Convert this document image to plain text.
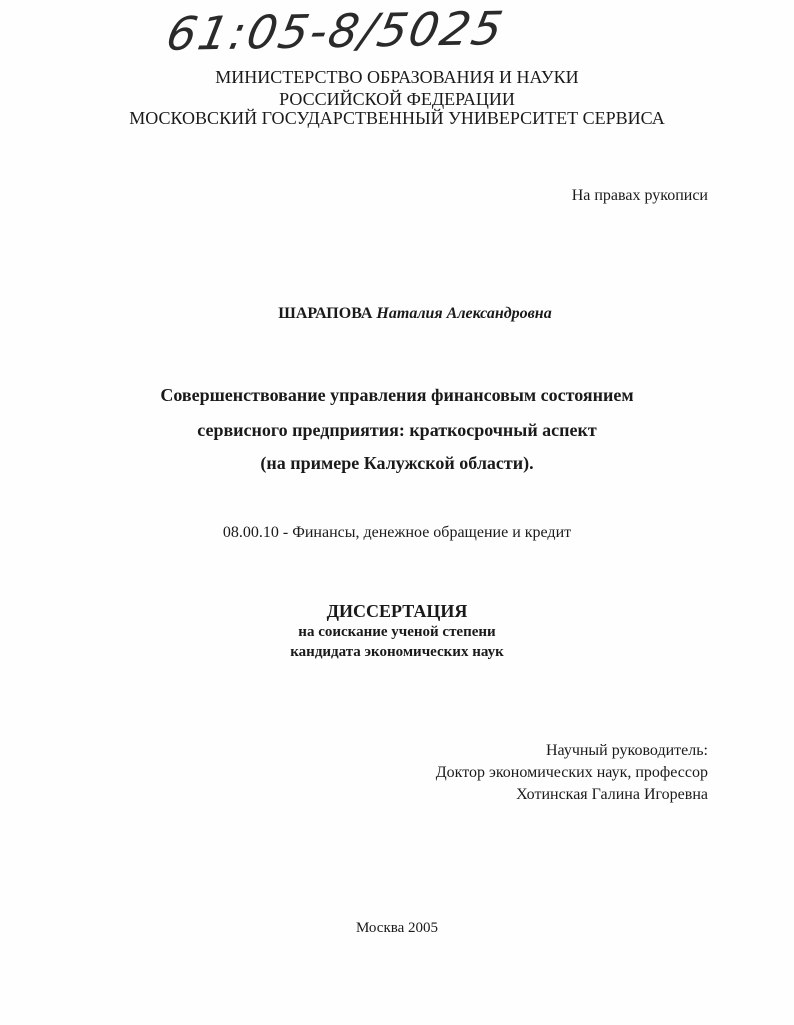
61:05-8/5025
МИНИСТЕРСТВО ОБРАЗОВАНИЯ И НАУКИ
РОССИЙСКОЙ ФЕДЕРАЦИИ
МОСКОВСКИЙ ГОСУДАРСТВЕННЫЙ УНИВЕРСИТЕТ СЕРВИСА
На правах рукописи
ШАРАПОВА Наталия Александровна
Совершенствование управления финансовым состоянием
сервисного предприятия: краткосрочный аспект
(на примере Калужской области).
08.00.10 - Финансы, денежное обращение и кредит
ДИССЕРТАЦИЯ
на соискание ученой степени
кандидата экономических наук
Научный руководитель:
Доктор экономических наук, профессор
Хотинская Галина Игоревна
Москва 2005
